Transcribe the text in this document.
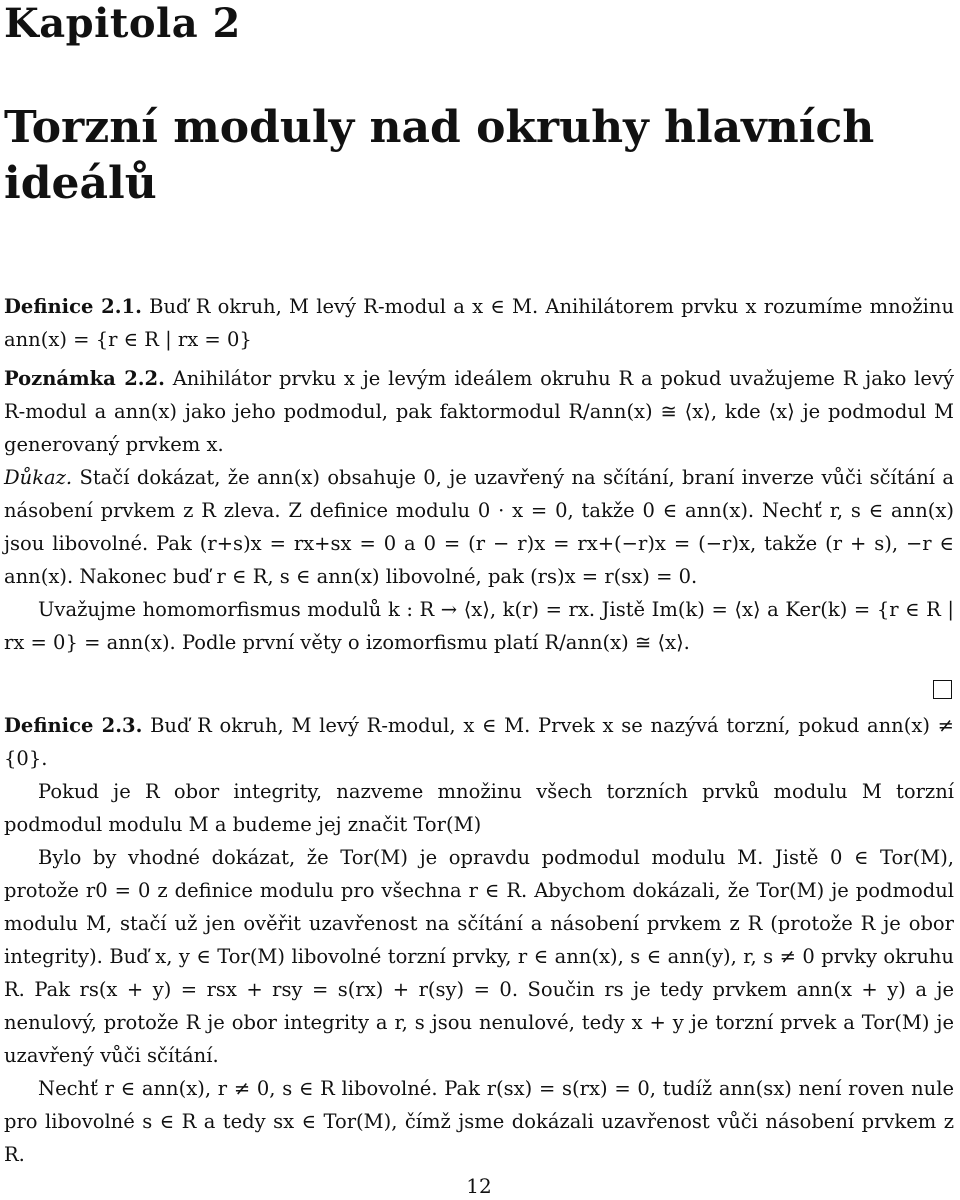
Kapitola 2
Torzní moduly nad okruhy hlavních ideálů
Definice 2.1. Buď R okruh, M levý R-modul a x ∈ M. Anihilátorem prvku x rozumíme množinu ann(x) = {r ∈ R | rx = 0}
Poznámka 2.2. Anihilátor prvku x je levým ideálem okruhu R a pokud uvažujeme R jako levý R-modul a ann(x) jako jeho podmodul, pak faktormodul R/ann(x) ≅ ⟨x⟩, kde ⟨x⟩ je podmodul M generovaný prvkem x.
Důkaz. Stačí dokázat, že ann(x) obsahuje 0, je uzavřený na sčítání, braní inverze vůči sčítání a násobení prvkem z R zleva. Z definice modulu 0 · x = 0, takže 0 ∈ ann(x). Nechť r, s ∈ ann(x) jsou libovolné. Pak (r+s)x = rx+sx = 0 a 0 = (r − r)x = rx+(−r)x = (−r)x, takže (r + s), −r ∈ ann(x). Nakonec buď r ∈ R, s ∈ ann(x) libovolné, pak (rs)x = r(sx) = 0.
Uvažujme homomorfismus modulů k : R → ⟨x⟩, k(r) = rx. Jistě Im(k) = ⟨x⟩ a Ker(k) = {r ∈ R | rx = 0} = ann(x). Podle první věty o izomorfismu platí R/ann(x) ≅ ⟨x⟩.
Definice 2.3. Buď R okruh, M levý R-modul, x ∈ M. Prvek x se nazývá torzní, pokud ann(x) ≠ {0}.
Pokud je R obor integrity, nazveme množinu všech torzních prvků modulu M torzní podmodul modulu M a budeme jej značit Tor(M)
Bylo by vhodné dokázat, že Tor(M) je opravdu podmodul modulu M. Jistě 0 ∈ Tor(M), protože r0 = 0 z definice modulu pro všechna r ∈ R. Abychom dokázali, že Tor(M) je podmodul modulu M, stačí už jen ověřit uzavřenost na sčítání a násobení prvkem z R (protože R je obor integrity). Buď x, y ∈ Tor(M) libovolné torzní prvky, r ∈ ann(x), s ∈ ann(y), r, s ≠ 0 prvky okruhu R. Pak rs(x + y) = rsx + rsy = s(rx) + r(sy) = 0. Součin rs je tedy prvkem ann(x + y) a je nenulový, protože R je obor integrity a r, s jsou nenulové, tedy x + y je torzní prvek a Tor(M) je uzavřený vůči sčítání.
Nechť r ∈ ann(x), r ≠ 0, s ∈ R libovolné. Pak r(sx) = s(rx) = 0, tudíž ann(sx) není roven nule pro libovolné s ∈ R a tedy sx ∈ Tor(M), čímž jsme dokázali uzavřenost vůči násobení prvkem z R.
12
